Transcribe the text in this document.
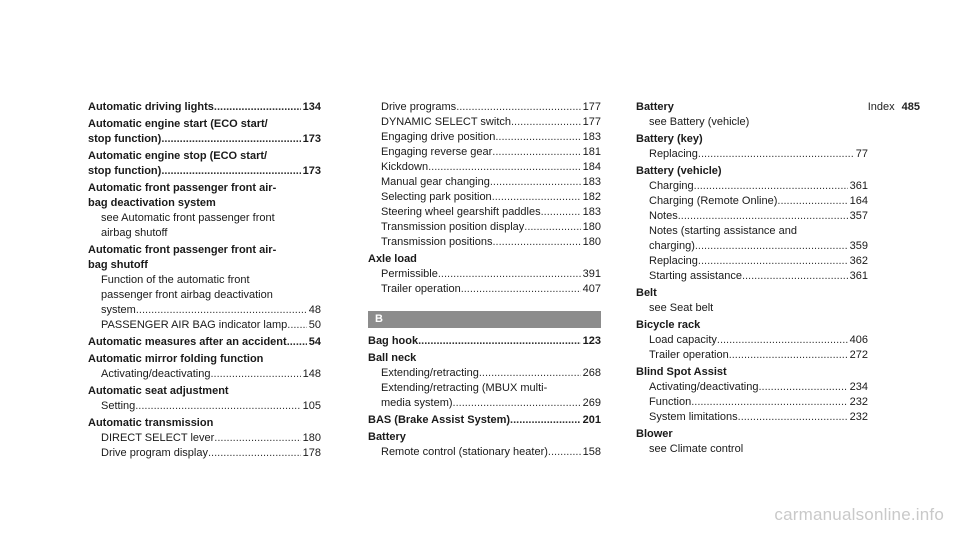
Index 485
Automatic driving lights .....	134
Automatic engine start (ECO start/
stop function) .....	173
Automatic engine stop (ECO start/
stop function) .....	173
Automatic front passenger front air-
bag deactivation system
see Automatic front passenger front
airbag shutoff
Automatic front passenger front air-
bag shutoff
Function of the automatic front
passenger front airbag deactivation
system .....	48
PASSENGER AIR BAG indicator lamp ..... 50
Automatic measures after an accident ..... 54
Automatic mirror folding function
Activating/deactivating .....	148
Automatic seat adjustment
Setting .....	105
Automatic transmission
DIRECT SELECT lever .....	180
Drive program display .....	178
Drive programs .....	177
DYNAMIC SELECT switch .....	177
Engaging drive position .....	183
Engaging reverse gear .....	181
Kickdown .....	184
Manual gear changing .....	183
Selecting park position .....	182
Steering wheel gearshift paddles .....	183
Transmission position display .....	180
Transmission positions .....	180
Axle load
Permissible .....	391
Trailer operation .....	407
B
Bag hook .....	123
Ball neck
Extending/retracting .....	268
Extending/retracting (MBUX multi-
media system) .....	269
BAS (Brake Assist System) .....	201
Battery
Remote control (stationary heater) .....	158
Battery
see Battery (vehicle)
Battery (key)
Replacing .....	77
Battery (vehicle)
Charging .....	361
Charging (Remote Online) .....	164
Notes .....	357
Notes (starting assistance and
charging) .....	359
Replacing .....	362
Starting assistance .....	361
Belt
see Seat belt
Bicycle rack
Load capacity .....	406
Trailer operation .....	272
Blind Spot Assist
Activating/deactivating .....	234
Function .....	232
System limitations .....	232
Blower
see Climate control
carmanualsonline.info
